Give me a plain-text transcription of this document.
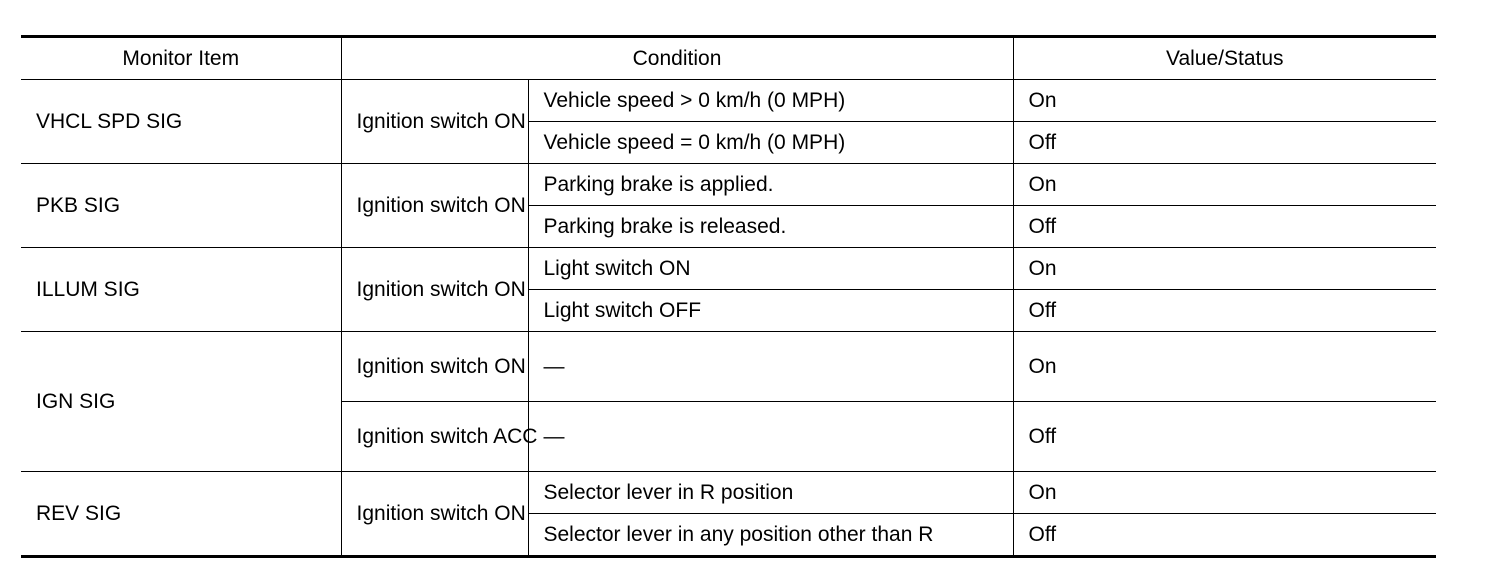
Monitor Item	Condition		Value/Status
VHCL SPD SIG	Ignition switch ON	Vehicle speed > 0 km/h (0 MPH)	On
		Vehicle speed = 0 km/h (0 MPH)	Off
PKB SIG	Ignition switch ON	Parking brake is applied.	On
		Parking brake is released.	Off
ILLUM SIG	Ignition switch ON	Light switch ON	On
		Light switch OFF	Off
IGN SIG	Ignition switch ON	—	On
	Ignition switch ACC	—	Off
REV SIG	Ignition switch ON	Selector lever in R position	On
		Selector lever in any position other than R	Off
